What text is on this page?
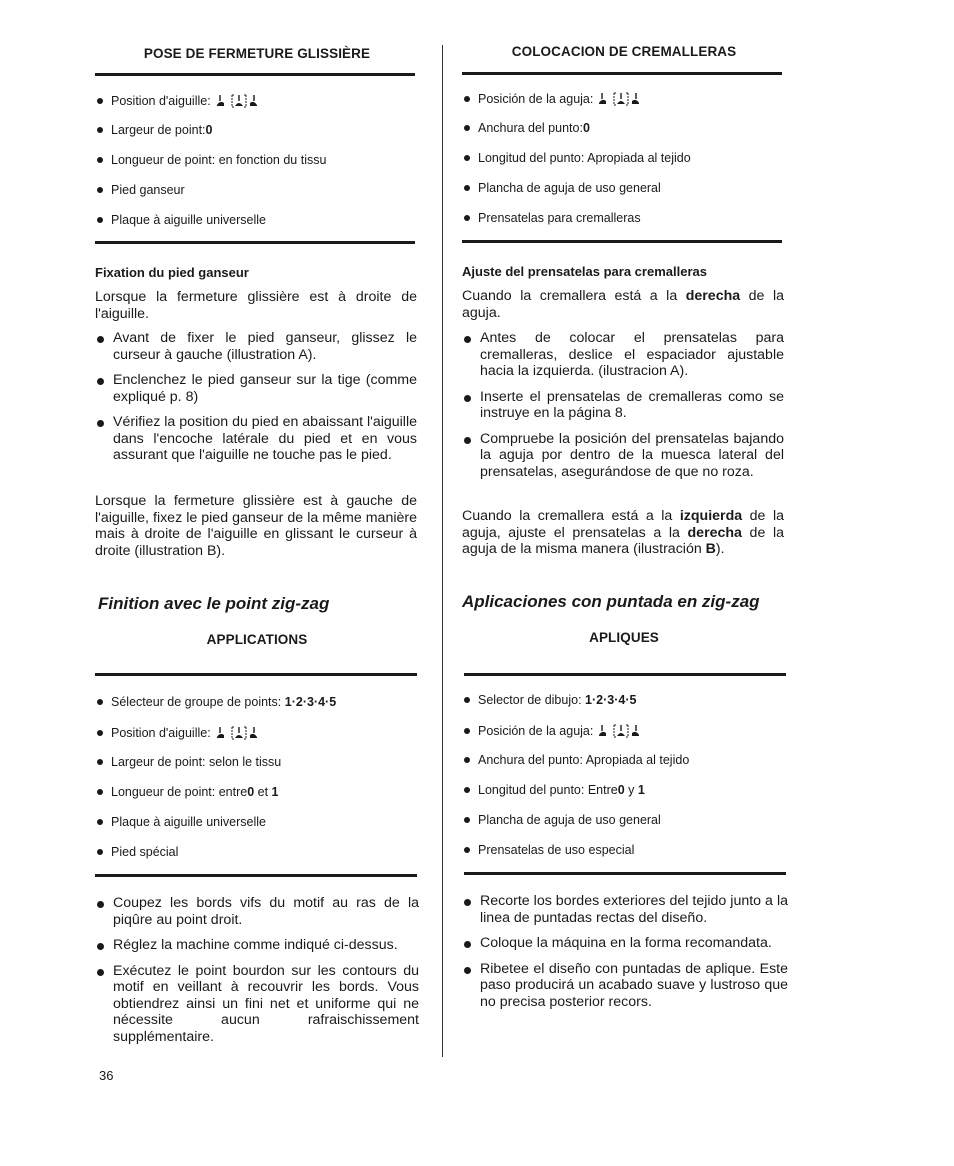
POSE DE FERMETURE GLISSIÈRE
Position d'aiguille:
Largeur de point: 0
Longueur de point: en fonction du tissu
Pied ganseur
Plaque à aiguille universelle
Fixation du pied ganseur
Lorsque la fermeture glissière est à droite de l'aiguille.
Avant de fixer le pied ganseur, glissez le curseur à gauche (illustration A).
Enclenchez le pied ganseur sur la tige (comme expliqué p. 8)
Vérifiez la position du pied en abaissant l'aiguille dans l'encoche latérale du pied et en vous assurant que l'aiguille ne touche pas le pied.
Lorsque la fermeture glissière est à gauche de l'aiguille, fixez le pied ganseur de la même manière mais à droite de l'aiguille en glissant le curseur à droite (illustration B).
Finition avec le point zig-zag
APPLICATIONS
Sélecteur de groupe de points:
1·2·3·4·5
Position d'aiguille:
Largeur de point: selon le tissu
Longueur de point: entre 0 et 1
Plaque à aiguille universelle
Pied spécial
Coupez les bords vifs du motif au ras de la piqûre au point droit.
Réglez la machine comme indiqué ci-dessus.
Exécutez le point bourdon sur les contours du motif en veillant à recouvrir les bords. Vous obtiendrez ainsi un fini net et uniforme qui ne nécessite aucun rafraischissement supplémentaire.
36
COLOCACION DE CREMALLERAS
Posición de la aguja:
Anchura del punto: 0
Longitud del punto: Apropiada al tejido
Plancha de aguja de uso general
Prensatelas para cremalleras
Ajuste del prensatelas para cremalleras
Cuando la cremallera está a la derecha de la aguja.
Antes de colocar el prensatelas para cremalleras, deslice el espaciador ajustable hacia la izquierda. (ilustracion A).
Inserte el prensatelas de cremalleras como se instruye en la página 8.
Compruebe la posición del prensatelas bajando la aguja por dentro de la muesca lateral del prensatelas, asegurándose de que no roza.
Cuando la cremallera está a la izquierda de la aguja, ajuste el prensatelas a la derecha de la aguja de la misma manera (ilustración B).
Aplicaciones con puntada en zig-zag
APLIQUES
Selector de dibujo:
1·2·3·4·5
Posición de la aguja:
Anchura del punto: Apropiada al tejido
Longitud del punto: Entre 0 y 1
Plancha de aguja de uso general
Prensatelas de uso especial
Recorte los bordes exteriores del tejido junto a la linea de puntadas rectas del diseño.
Coloque la máquina en la forma recomandata.
Ribetee el diseño con puntadas de aplique. Este paso producirá un acabado suave y lustroso que no precisa posterior recors.
